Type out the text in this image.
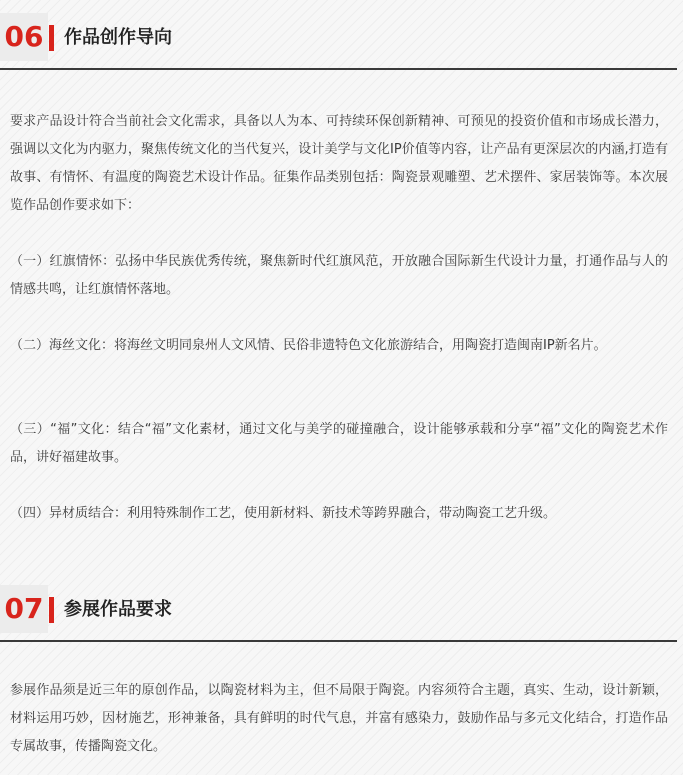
06 作品创作导向

要求产品设计符合当前社会文化需求，具备以人为本、可持续环保创新精神、可预见的投资价值和市场成长潜力，强调以文化为内驱力，聚焦传统文化的当代复兴，设计美学与文化IP价值等内容，让产品有更深层次的内涵,打造有故事、有情怀、有温度的陶瓷艺术设计作品。征集作品类别包括：陶瓷景观雕塑、艺术摆件、家居装饰等。本次展览作品创作要求如下：

（一）红旗情怀：弘扬中华民族优秀传统，聚焦新时代红旗风范，开放融合国际新生代设计力量，打通作品与人的情感共鸣，让红旗情怀落地。

（二）海丝文化：将海丝文明同泉州人文风情、民俗非遗特色文化旅游结合，用陶瓷打造闽南IP新名片。

（三）“福”文化：结合“福”文化素材，通过文化与美学的碰撞融合，设计能够承载和分享“福”文化的陶瓷艺术作品，讲好福建故事。

（四）异材质结合：利用特殊制作工艺，使用新材料、新技术等跨界融合，带动陶瓷工艺升级。

07 参展作品要求

参展作品须是近三年的原创作品，以陶瓷材料为主，但不局限于陶瓷。内容须符合主题，真实、生动，设计新颖，材料运用巧妙，因材施艺，形神兼备，具有鲜明的时代气息，并富有感染力，鼓励作品与多元文化结合，打造作品专属故事，传播陶瓷文化。
